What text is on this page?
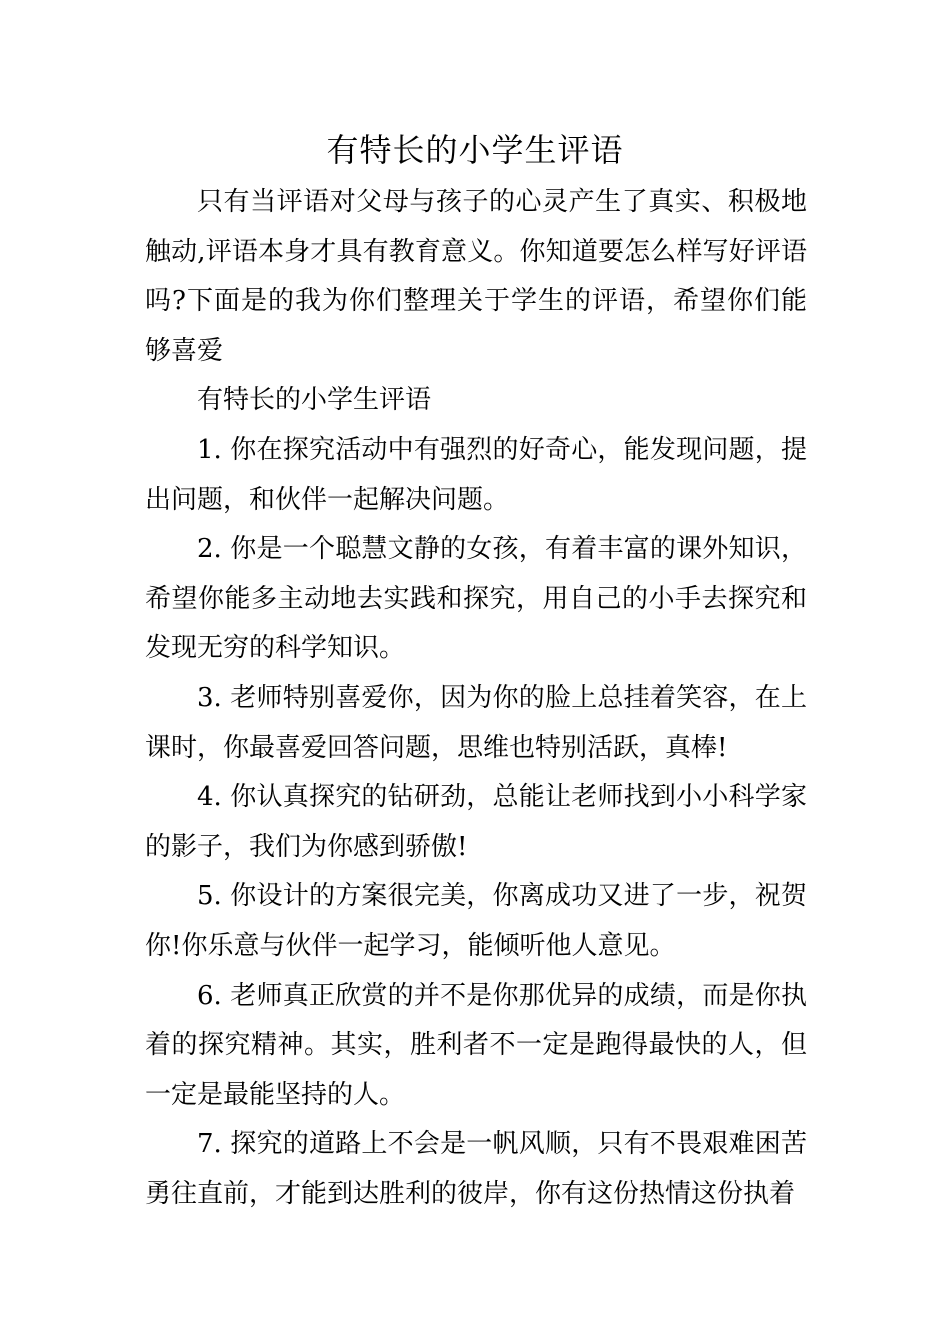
有特长的小学生评语

只有当评语对父母与孩子的心灵产生了真实、积极地触动,评语本身才具有教育意义。你知道要怎么样写好评语吗?下面是的我为你们整理关于学生的评语，希望你们能够喜爱

有特长的小学生评语

1. 你在探究活动中有强烈的好奇心，能发现问题，提出问题，和伙伴一起解决问题。

2. 你是一个聪慧文静的女孩，有着丰富的课外知识，希望你能多主动地去实践和探究，用自己的小手去探究和发现无穷的科学知识。

3. 老师特别喜爱你，因为你的脸上总挂着笑容，在上课时，你最喜爱回答问题，思维也特别活跃，真棒!

4. 你认真探究的钻研劲，总能让老师找到小小科学家的影子，我们为你感到骄傲!

5. 你设计的方案很完美，你离成功又进了一步，祝贺你!你乐意与伙伴一起学习，能倾听他人意见。

6. 老师真正欣赏的并不是你那优异的成绩，而是你执着的探究精神。其实，胜利者不一定是跑得最快的人，但一定是最能坚持的人。

7. 探究的道路上不会是一帆风顺，只有不畏艰难困苦勇往直前，才能到达胜利的彼岸，你有这份热情这份执着
